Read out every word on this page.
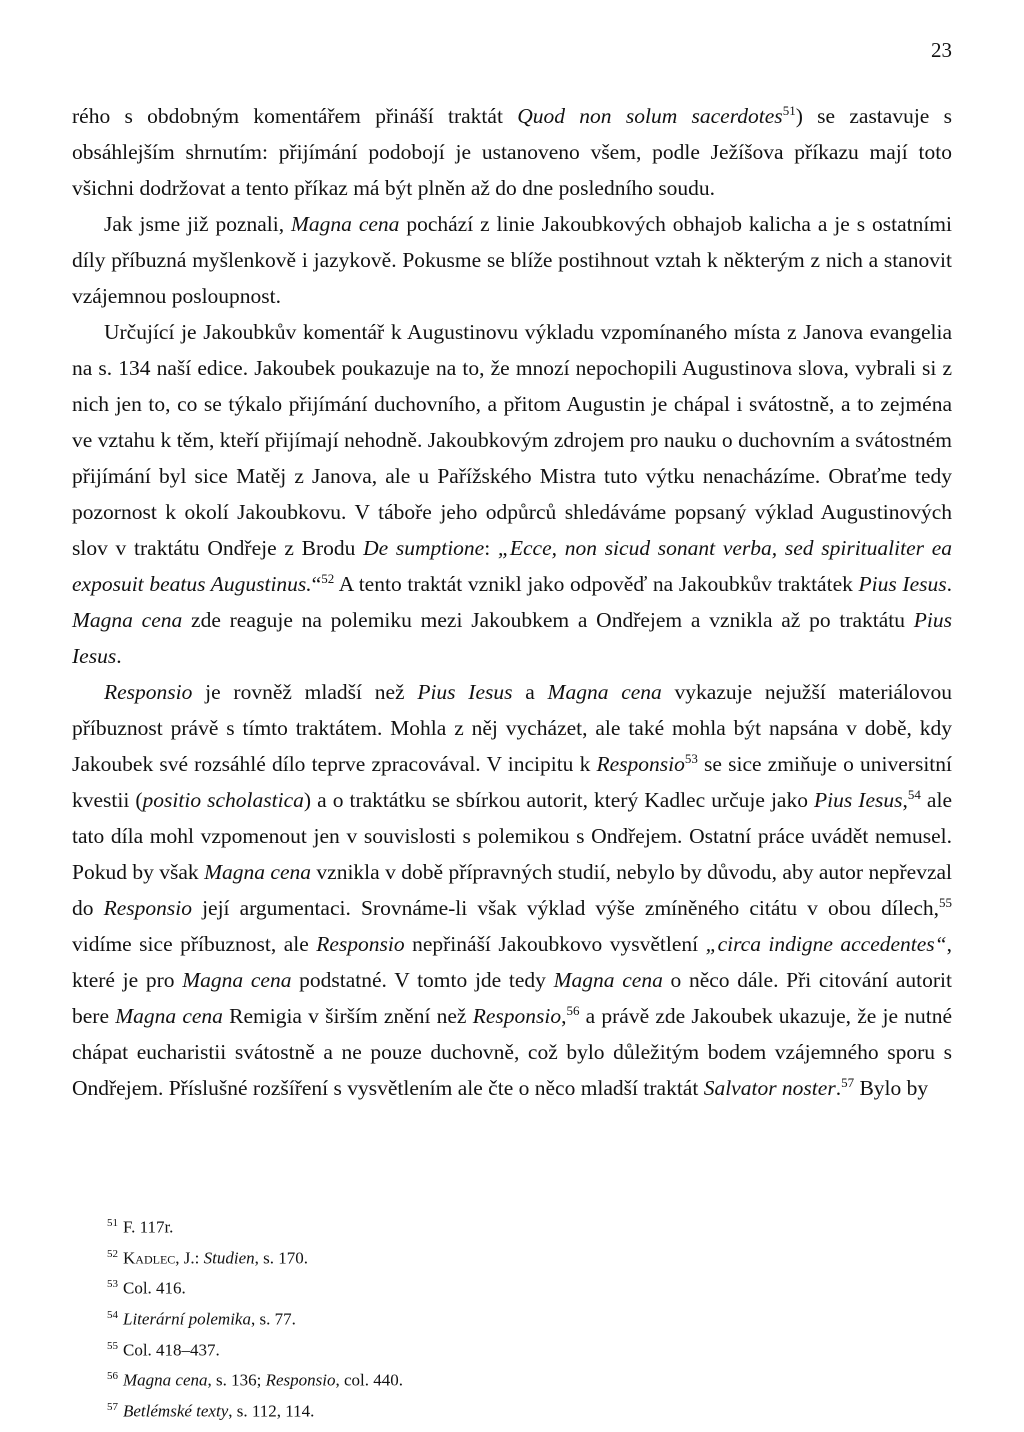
23

rého s obdobným komentářem přináší traktát Quod non solum sacerdotes$^{51}$) se zastavuje s obsáhlejším shrnutím: přijímání podobojí je ustanoveno všem, podle Ježíšova příkazu mají toto všichni dodržovat a tento příkaz má být plněn až do dne posledního soudu.

Jak jsme již poznali, Magna cena pochází z linie Jakoubkových obhajob kalicha a je s ostatními díly příbuzná myšlenkově i jazykově. Pokusme se blíže postihnout vztah k některým z nich a stanovit vzájemnou posloupnost.

Určující je Jakoubkův komentář k Augustinovu výkladu vzpomínaného místa z Janova evangelia na s. 134 naší edice. Jakoubek poukazuje na to, že mnozí nepochopili Augustinova slova, vybrali si z nich jen to, co se týkalo přijímání duchovního, a přitom Augustin je chápal i svátostně, a to zejména ve vztahu k těm, kteří přijímají nehodně. Jakoubkovým zdrojem pro nauku o duchovním a svátostném přijímání byl sice Matěj z Janova, ale u Pařížského Mistra tuto výtku nenacházíme. Obraťme tedy pozornost k okolí Jakoubkovu. V táboře jeho odpůrců shledáváme popsaný výklad Augustinových slov v traktátu Ondřeje z Brodu De sumptione: „Ecce, non sicud sonant verba, sed spiritualiter ea exposuit beatus Augustinus.“$^{52}$ A tento traktát vznikl jako odpověď na Jakoubkův traktátek Pius Iesus. Magna cena zde reaguje na polemiku mezi Jakoubkem a Ondřejem a vznikla až po traktátu Pius Iesus.

Responsio je rovněž mladší než Pius Iesus a Magna cena vykazuje nejužší materiálovou příbuznost právě s tímto traktátem. Mohla z něj vycházet, ale také mohla být napsána v době, kdy Jakoubek své rozsáhlé dílo teprve zpracovával. V incipitu k Responsio$^{53}$ se sice zmiňuje o universitní kvestii (positio scholastica) a o traktátku se sbírkou autorit, který Kadlec určuje jako Pius Iesus,$^{54}$ ale tato díla mohl vzpomenout jen v souvislosti s polemikou s Ondřejem. Ostatní práce uvádět nemusel. Pokud by však Magna cena vznikla v době přípravných studií, nebylo by důvodu, aby autor nepřevzal do Responsio její argumentaci. Srovnáme-li však výklad výše zmíněného citátu v obou dílech,$^{55}$ vidíme sice příbuznost, ale Responsio nepřináší Jakoubkovo vysvětlení „circa indigne accedentes“, které je pro Magna cena podstatné. V tomto jde tedy Magna cena o něco dále. Při citování autorit bere Magna cena Remigia v širším znění než Responsio,$^{56}$ a právě zde Jakoubek ukazuje, že je nutné chápat eucharistii svátostně a ne pouze duchovně, což bylo důležitým bodem vzájemného sporu s Ondřejem. Příslušné rozšíření s vysvětlením ale čte o něco mladší traktát Salvator noster.$^{57}$ Bylo by

51 F. 117r.
52 Kadlec, J.: Studien, s. 170.
53 Col. 416.
54 Literární polemika, s. 77.
55 Col. 418–437.
56 Magna cena, s. 136; Responsio, col. 440.
57 Betlémské texty, s. 112, 114.
